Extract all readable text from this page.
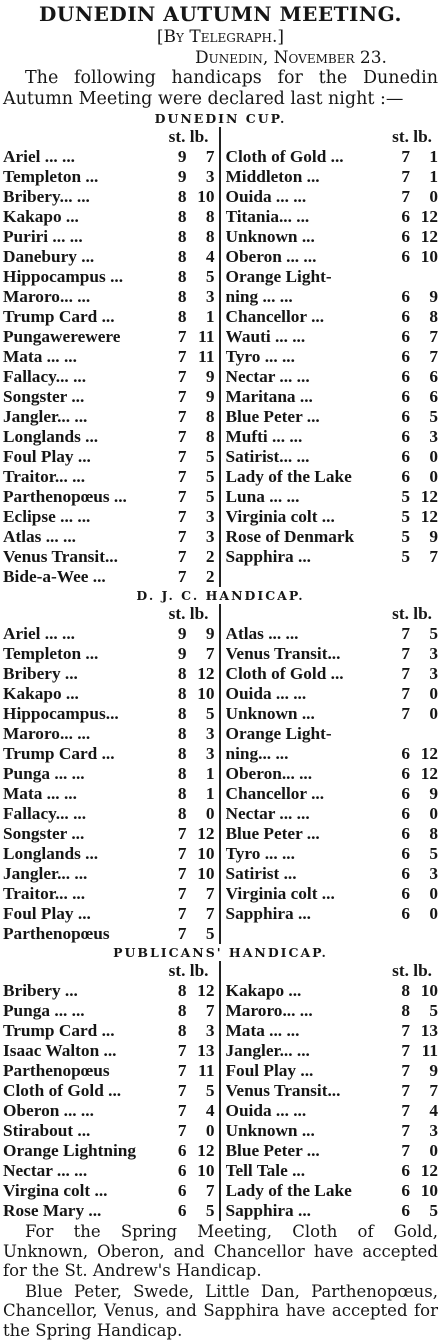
DUNEDIN AUTUMN MEETING.
[By Telegraph.]
Dunedin, November 23.
The following handicaps for the Dunedin Autumn Meeting were declared last night :—
DUNEDIN CUP.
st. lb.
Ariel ... ...	9	7
Templeton ...	9	3
Bribery... ...	8 10
Kakapo ...	8	8
Puriri ... ...	8	8
Danebury ...	8	4
Hippocampus ...	8	5
Maroro... ...	8	3
Trump Card ...	8	1
Pungawerewere	7 11
Mata ... ...	7 11
Fallacy... ...	7	9
Songster ...	7	9
Jangler... ...	7	8
Longlands ...	7	8
Foul Play ...	7	5
Traitor... ...	7	5
Parthenopœus ...	7	5
Eclipse ... ...	7	3
Atlas ... ...	7	3
Venus Transit...	7	2
Bide-a-Wee ...	7	2
st. lb.
Cloth of Gold ...	7	1
Middleton ...	7	1
Ouida ... ...	7	0
Titania... ...	6 12
Unknown ...	6 12
Oberon ... ...	6 10
Orange Light-
ning ... ...	6	9
Chancellor ...	6	8
Wauti ... ...	6	7
Tyro ... ...	6	7
Nectar ... ...	6	6
Maritana ...	6	6
Blue Peter ...	6	5
Mufti ... ...	6	3
Satirist... ...	6	0
Lady of the Lake	6	0
Luna ... ...	5 12
Virginia colt ...	5 12
Rose of Denmark	5	9
Sapphira ...	5	7
D. J. C. HANDICAP.
st. lb.
Ariel ... ...	9	9
Templeton ...	9	7
Bribery ...	8 12
Kakapo ...	8 10
Hippocampus...	8	5
Maroro... ...	8	3
Trump Card ...	8	3
Punga ... ...	8	1
Mata ... ...	8	1
Fallacy... ...	8	0
Songster ...	7 12
Longlands ...	7 10
Jangler... ...	7 10
Traitor... ...	7	7
Foul Play ...	7	7
Parthenopœus	7	5
st. lb.
Atlas ... ...	7	5
Venus Transit...	7	3
Cloth of Gold ...	7	3
Ouida ... ...	7	0
Unknown ...	7	0
Orange Light-
ning... ...	6 12
Oberon... ...	6 12
Chancellor ...	6	9
Nectar ... ...	6	0
Blue Peter ...	6	8
Tyro ... ...	6	5
Satirist ...	6	3
Virginia colt ...	6	0
Sapphira ...	6	0
PUBLICANS' HANDICAP.
st. lb.
Bribery ...	8 12
Punga ... ...	8	7
Trump Card ...	8	3
Isaac Walton ...	7 13
Parthenopœus	7 11
Cloth of Gold ...	7	5
Oberon ... ...	7	4
Stirabout ...	7	0
Orange Lightning	6 12
Nectar ... ...	6 10
Virgina colt ...	6	7
Rose Mary ...	6	5
st. lb.
Kakapo ...	8 10
Maroro... ...	8	5
Mata ... ...	7 13
Jangler... ...	7 11
Foul Play ...	7	9
Venus Transit...	7	7
Ouida ... ...	7	4
Unknown ...	7	3
Blue Peter ...	7	0
Tell Tale ...	6 12
Lady of the Lake	6 10
Sapphira ...	6	5
For the Spring Meeting, Cloth of Gold, Unknown, Oberon, and Chancellor have accepted for the St. Andrew's Handicap.
Blue Peter, Swede, Little Dan, Parthenopœus, Chancellor, Venus, and Sapphira have accepted for the Spring Handicap.
